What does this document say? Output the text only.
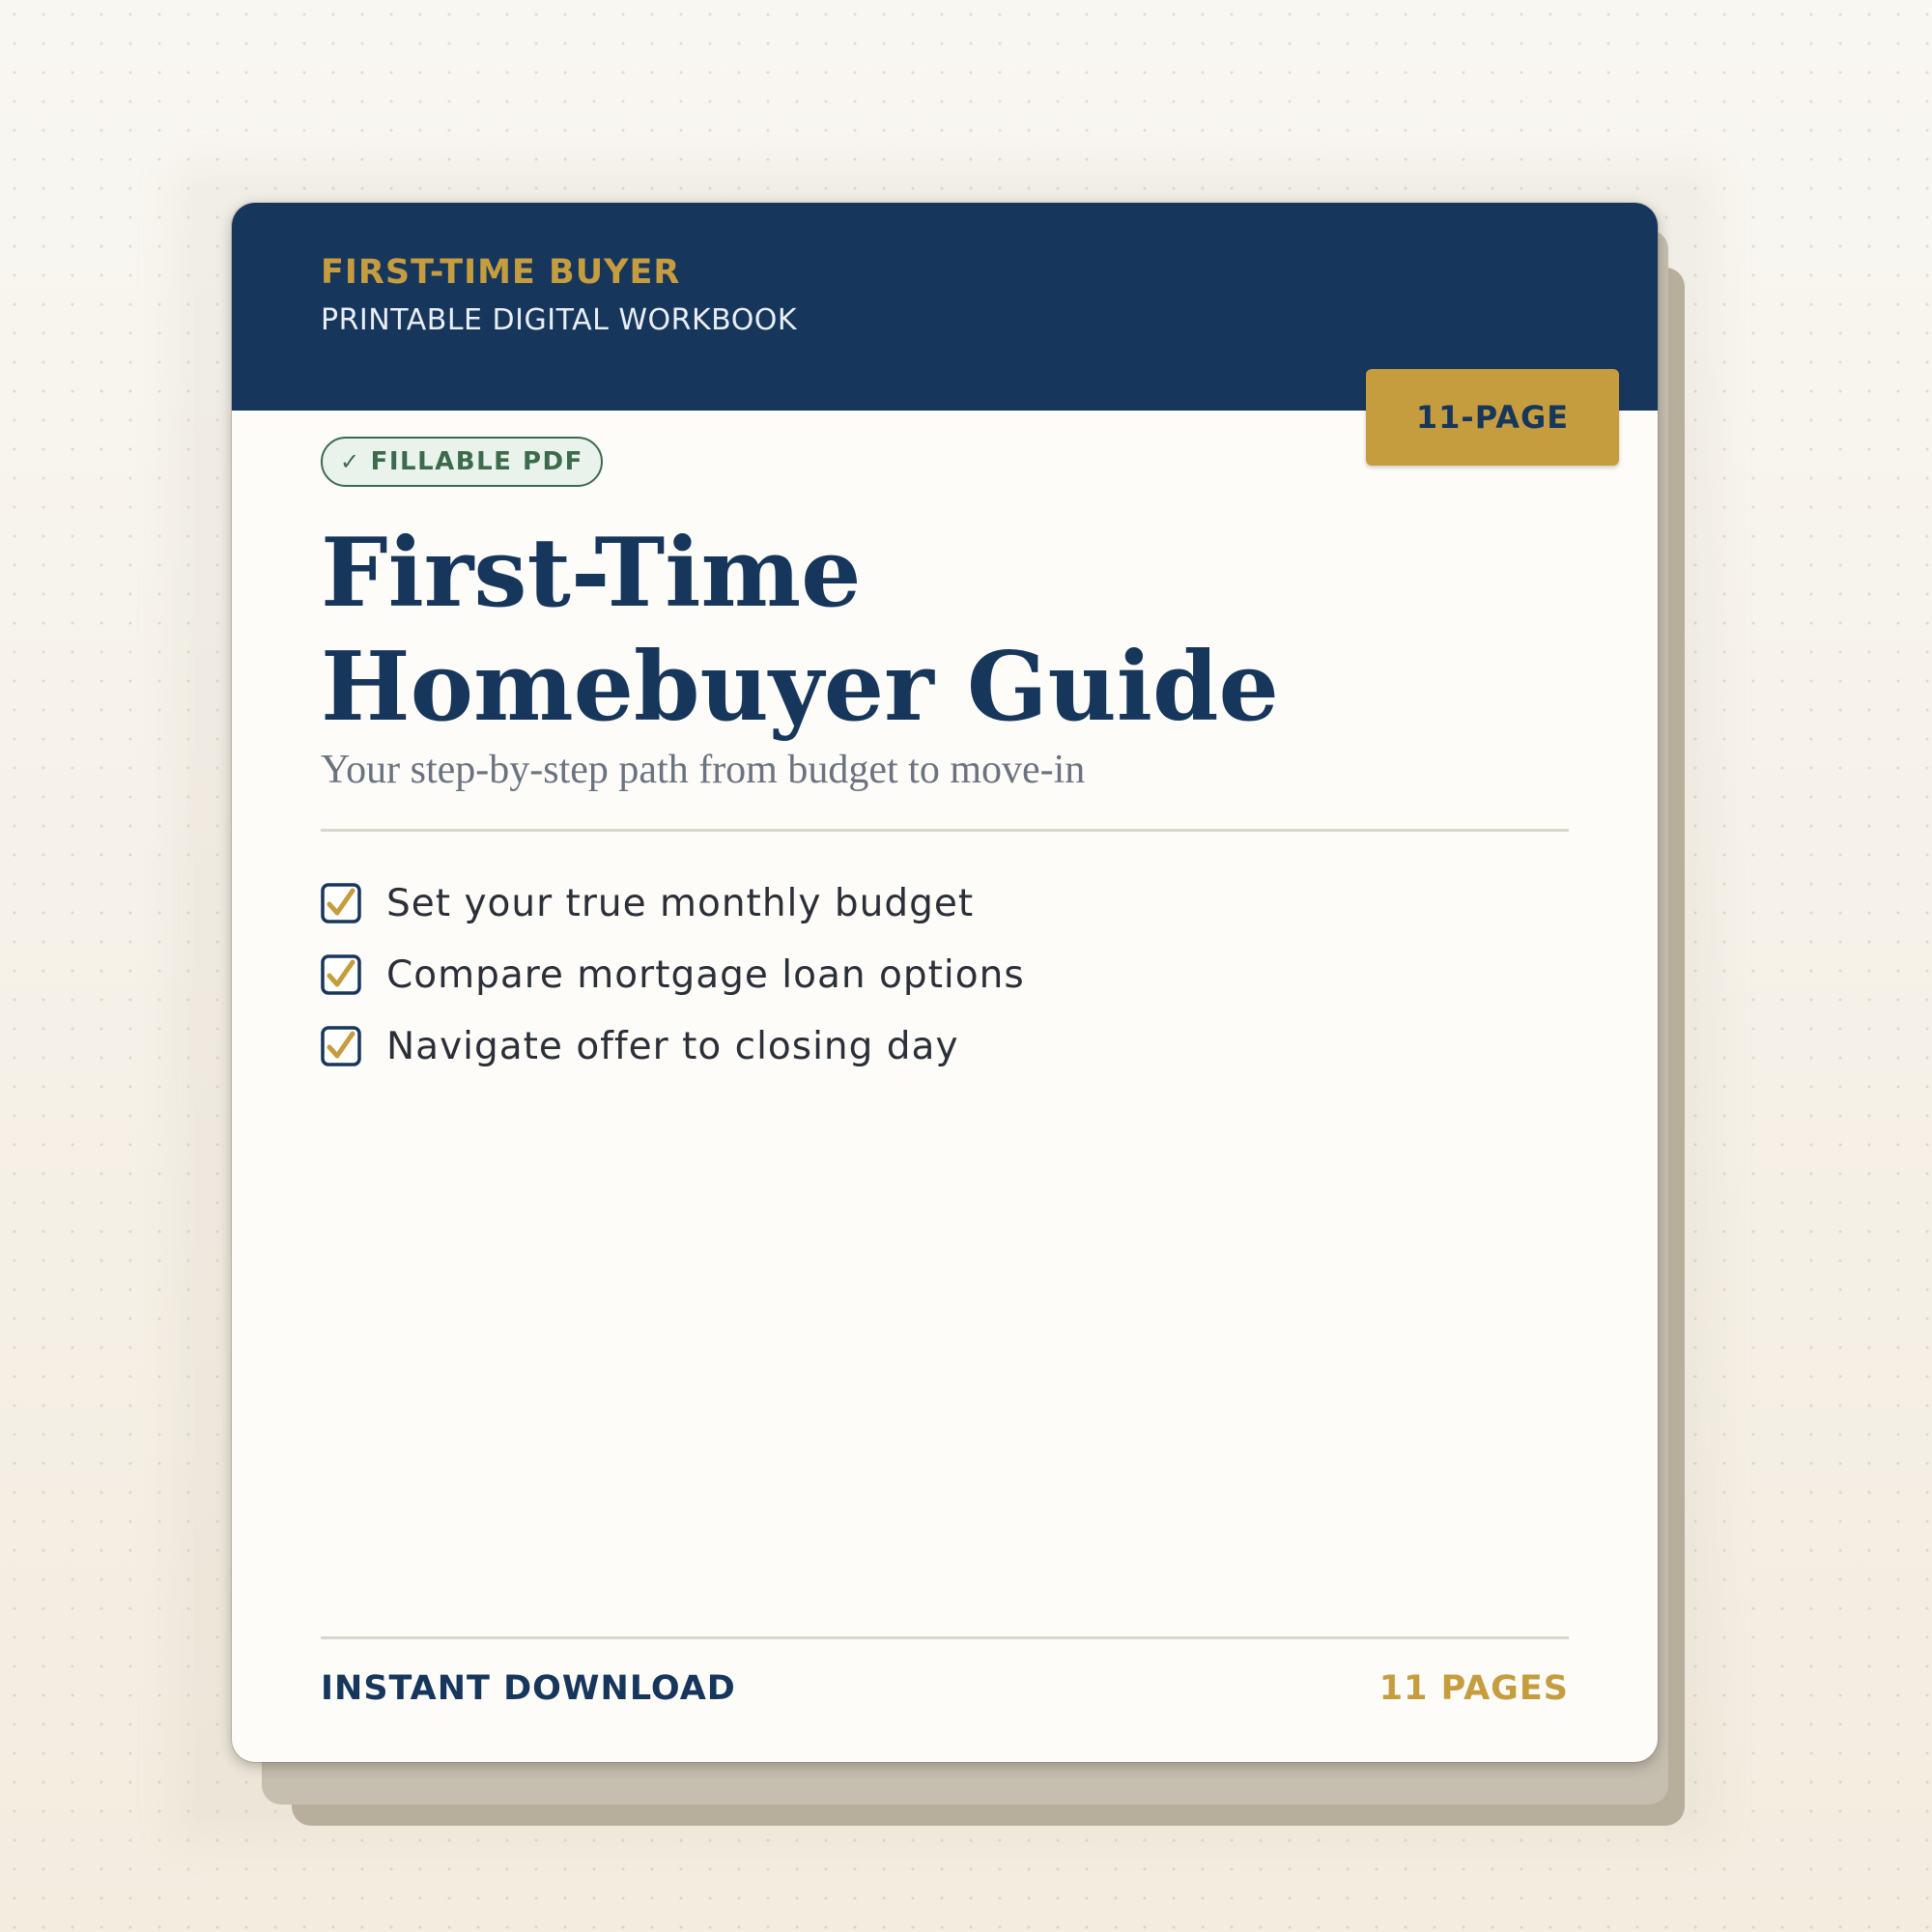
FIRST-TIME BUYER
PRINTABLE DIGITAL WORKBOOK
✓ FILLABLE PDF
First-Time Homebuyer Guide
Your step-by-step path from budget to move-in
Set your true monthly budget
Compare mortgage loan options
Navigate offer to closing day
INSTANT DOWNLOAD	11 PAGES
11-PAGE
